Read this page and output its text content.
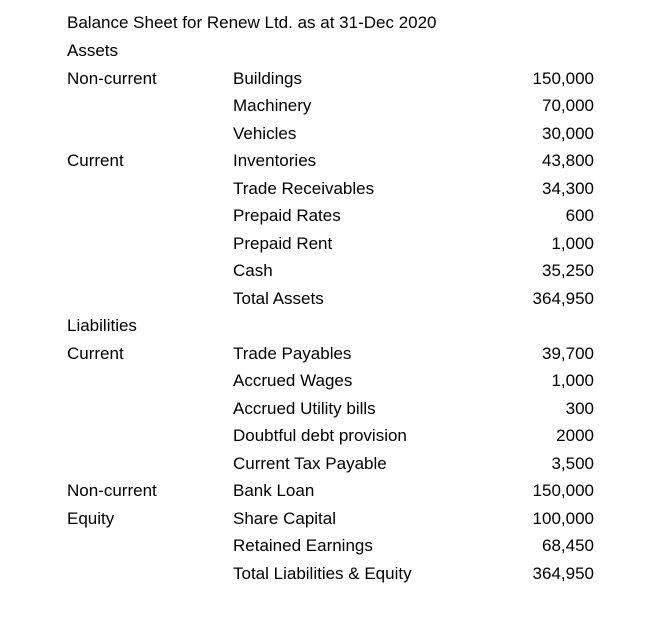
Balance Sheet for Renew Ltd. as at 31-Dec 2020
Assets
Non-current	Buildings	150,000
Machinery	70,000
Vehicles	30,000
Current	Inventories	43,800
Trade Receivables	34,300
Prepaid Rates	600
Prepaid Rent	1,000
Cash	35,250
Total Assets	364,950
Liabilities
Current	Trade Payables	39,700
Accrued Wages	1,000
Accrued Utility bills	300
Doubtful debt provision	2000
Current Tax Payable	3,500
Non-current	Bank Loan	150,000
Equity	Share Capital	100,000
Retained Earnings	68,450
Total Liabilities & Equity	364,950
